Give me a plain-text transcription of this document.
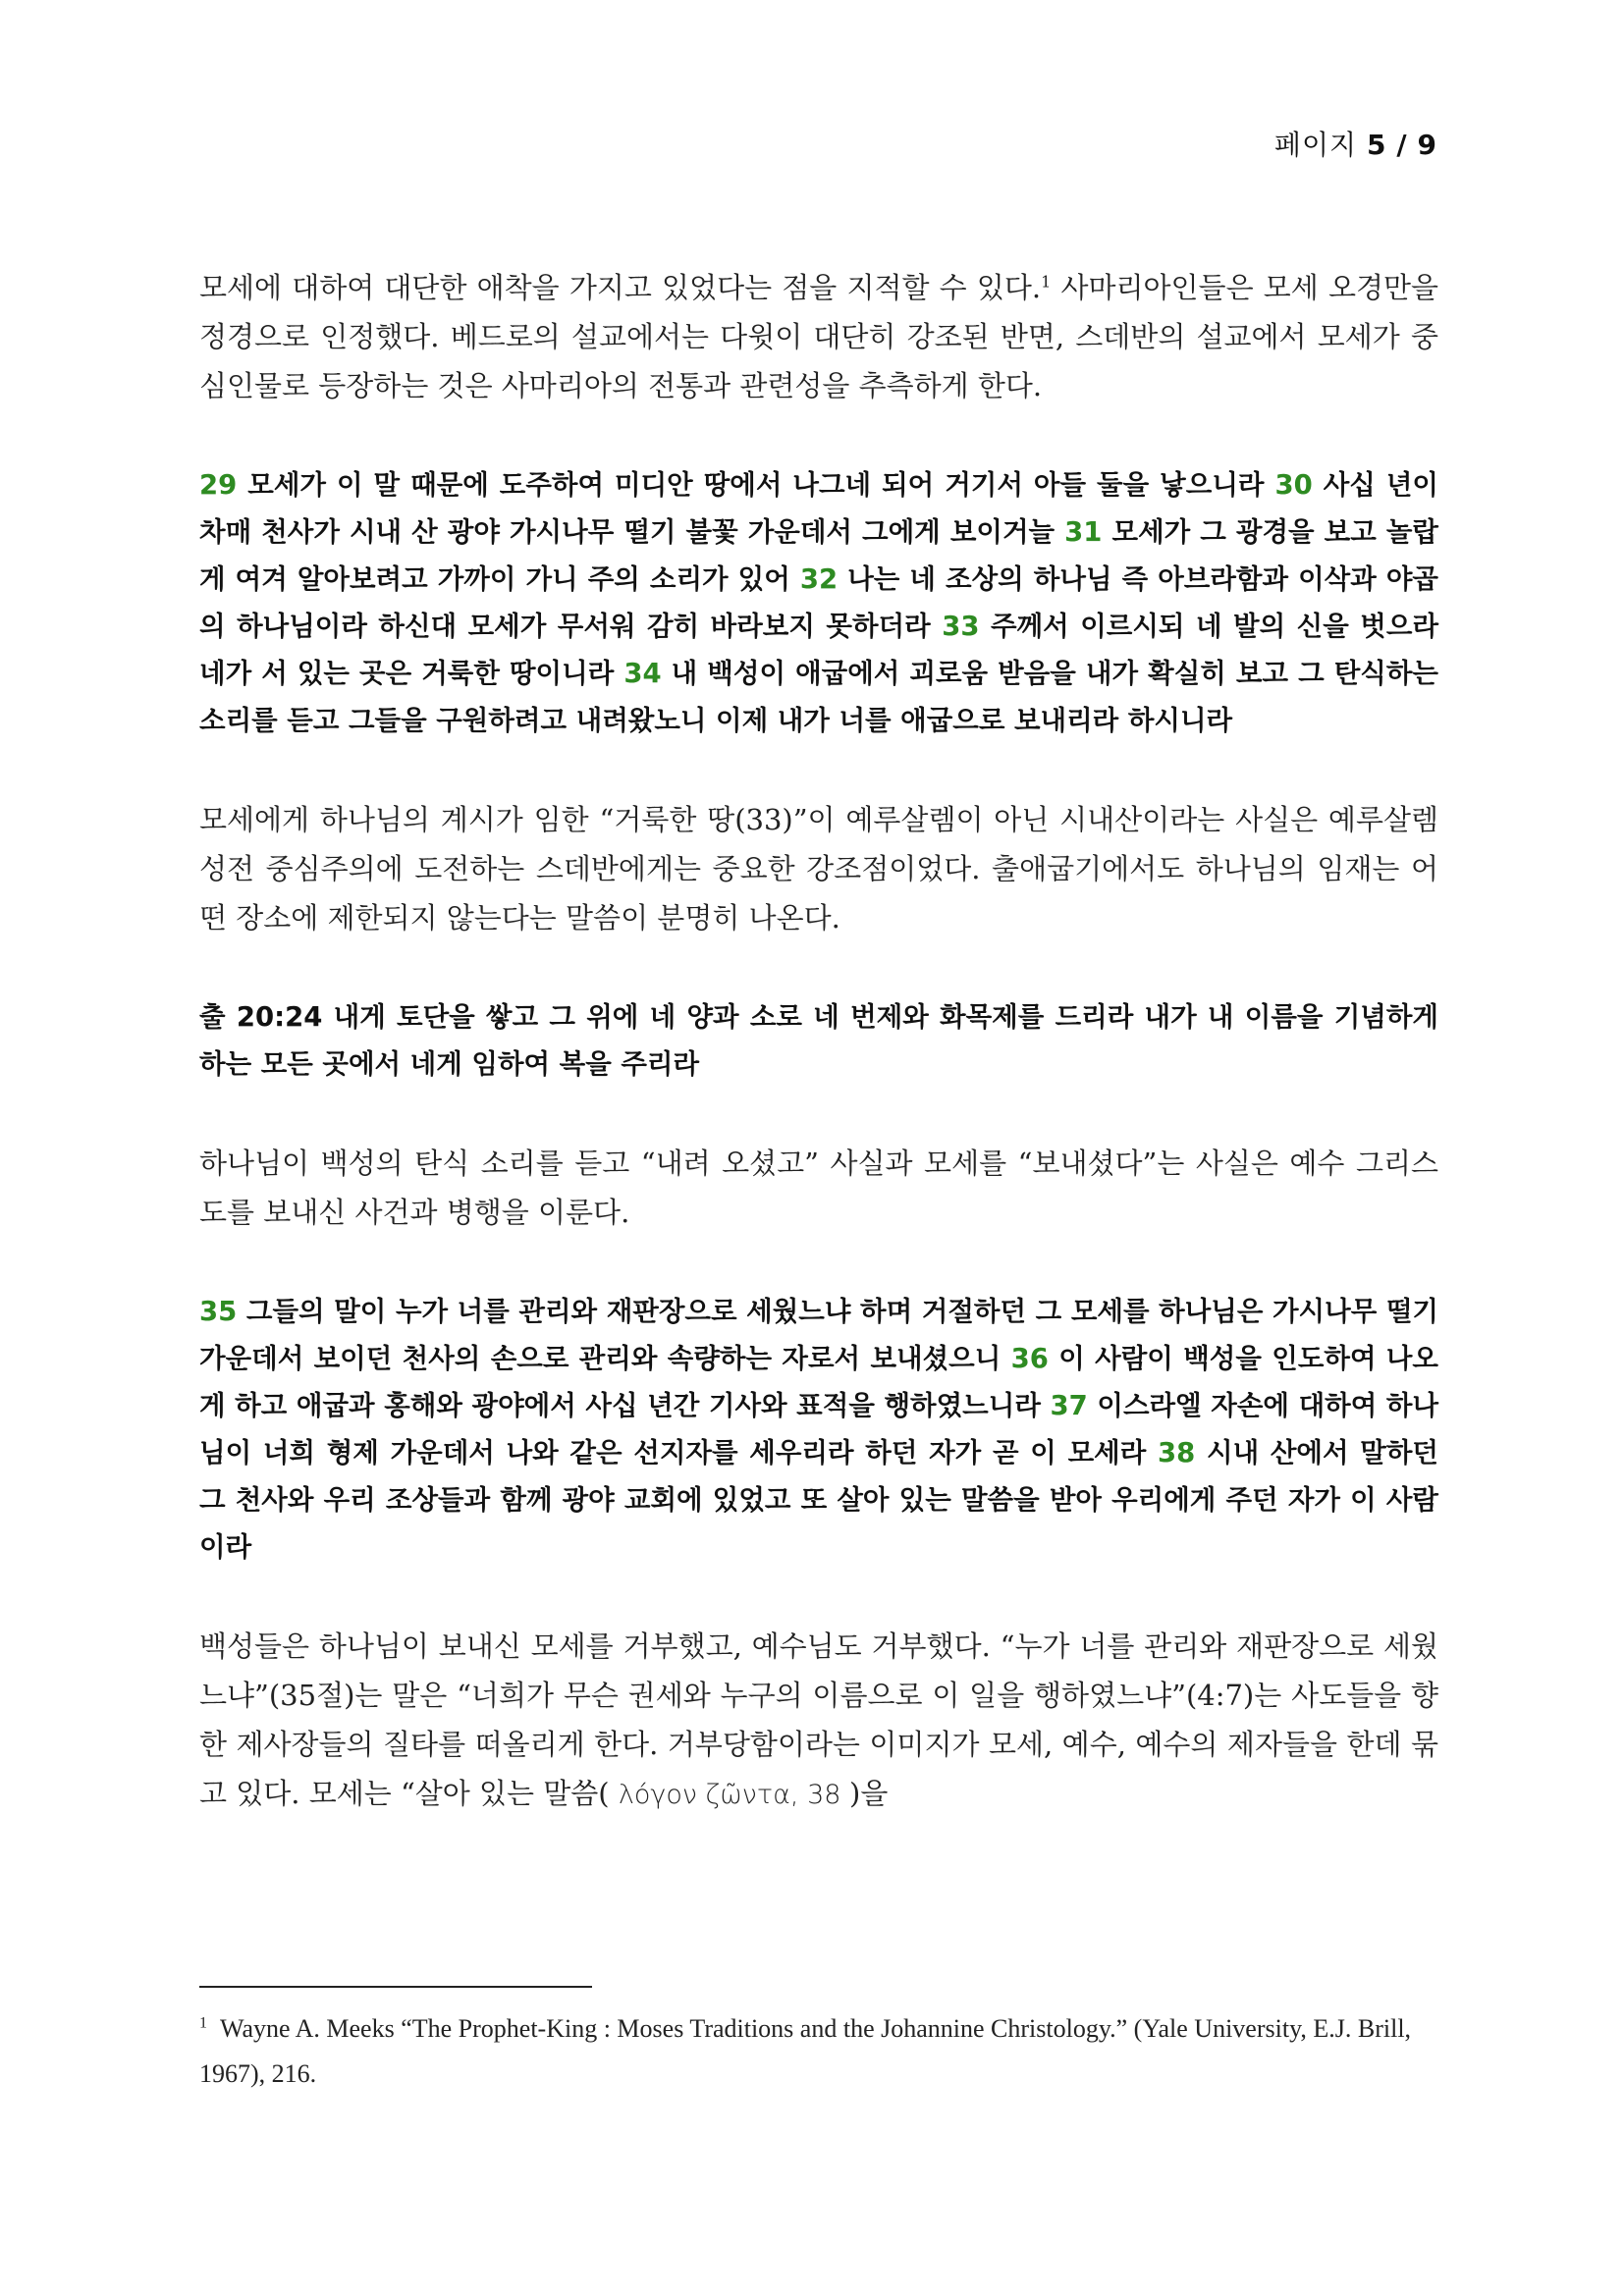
페이지 5 / 9

모세에 대하여 대단한 애착을 가지고 있었다는 점을 지적할 수 있다.$^1$ 사마리아인들은 모세 오경만을 정경으로 인정했다. 베드로의 설교에서는 다윗이 대단히 강조된 반면, 스데반의 설교에서 모세가 중심인물로 등장하는 것은 사마리아의 전통과 관련성을 추측하게 한다.

29 모세가 이 말 때문에 도주하여 미디안 땅에서 나그네 되어 거기서 아들 둘을 낳으니라 30 사십 년이 차매 천사가 시내 산 광야 가시나무 떨기 불꽃 가운데서 그에게 보이거늘 31 모세가 그 광경을 보고 놀랍게 여겨 알아보려고 가까이 가니 주의 소리가 있어 32 나는 네 조상의 하나님 즉 아브라함과 이삭과 야곱의 하나님이라 하신대 모세가 무서워 감히 바라보지 못하더라 33 주께서 이르시되 네 발의 신을 벗으라 네가 서 있는 곳은 거룩한 땅이니라 34 내 백성이 애굽에서 괴로움 받음을 내가 확실히 보고 그 탄식하는 소리를 듣고 그들을 구원하려고 내려왔노니 이제 내가 너를 애굽으로 보내리라 하시니라

모세에게 하나님의 계시가 임한 “거룩한 땅(33)”이 예루살렘이 아닌 시내산이라는 사실은 예루살렘 성전 중심주의에 도전하는 스데반에게는 중요한 강조점이었다. 출애굽기에서도 하나님의 임재는 어떤 장소에 제한되지 않는다는 말씀이 분명히 나온다.

출 20:24 내게 토단을 쌓고 그 위에 네 양과 소로 네 번제와 화목제를 드리라 내가 내 이름을 기념하게 하는 모든 곳에서 네게 임하여 복을 주리라

하나님이 백성의 탄식 소리를 듣고 “내려 오셨고” 사실과 모세를 “보내셨다”는 사실은 예수 그리스도를 보내신 사건과 병행을 이룬다.

35 그들의 말이 누가 너를 관리와 재판장으로 세웠느냐 하며 거절하던 그 모세를 하나님은 가시나무 떨기 가운데서 보이던 천사의 손으로 관리와 속량하는 자로서 보내셨으니 36 이 사람이 백성을 인도하여 나오게 하고 애굽과 홍해와 광야에서 사십 년간 기사와 표적을 행하였느니라 37 이스라엘 자손에 대하여 하나님이 너희 형제 가운데서 나와 같은 선지자를 세우리라 하던 자가 곧 이 모세라 38 시내 산에서 말하던 그 천사와 우리 조상들과 함께 광야 교회에 있었고 또 살아 있는 말씀을 받아 우리에게 주던 자가 이 사람이라

백성들은 하나님이 보내신 모세를 거부했고, 예수님도 거부했다. “누가 너를 관리와 재판장으로 세웠느냐”(35절)는 말은 “너희가 무슨 권세와 누구의 이름으로 이 일을 행하였느냐”(4:7)는 사도들을 향한 제사장들의 질타를 떠올리게 한다. 거부당함이라는 이미지가 모세, 예수, 예수의 제자들을 한데 묶고 있다. 모세는 “살아 있는 말씀( λόγον ζῶντα, 38 )을

$^1$ Wayne A. Meeks “The Prophet-King : Moses Traditions and the Johannine Christology.” (Yale University, E.J. Brill, 1967), 216.
